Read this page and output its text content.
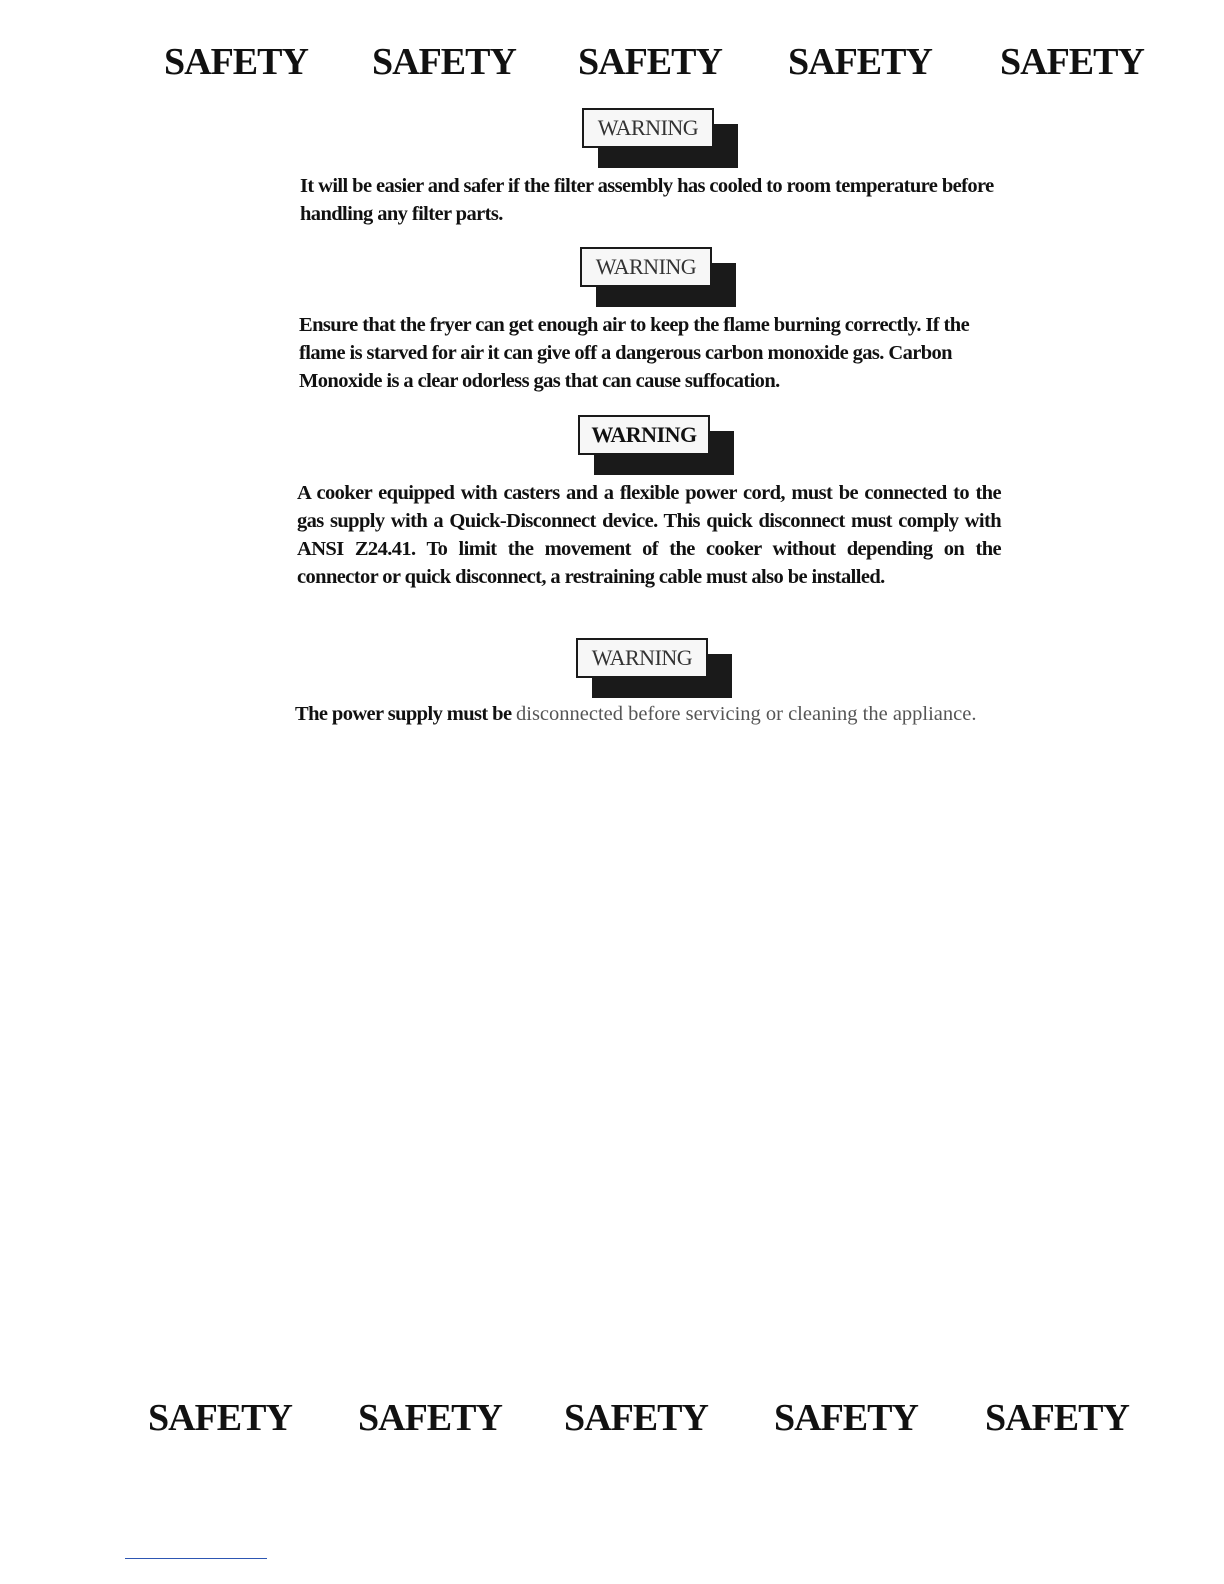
SAFETY SAFETY SAFETY SAFETY SAFETY
WARNING

It will be easier and safer if the filter assembly has cooled to room temperature before handling any filter parts.

WARNING

Ensure that the fryer can get enough air to keep the flame burning correctly. If the flame is starved for air it can give off a dangerous carbon monoxide gas. Carbon Monoxide is a clear odorless gas that can cause suffocation.

WARNING

A cooker equipped with casters and a flexible power cord, must be connected to the gas supply with a Quick-Disconnect device. This quick disconnect must comply with ANSI Z24.41. To limit the movement of the cooker without depending on the connector or quick disconnect, a restraining cable must also be installed.

WARNING

The power supply must be disconnected before servicing or cleaning the appliance.

SAFETY SAFETY SAFETY SAFETY SAFETY
